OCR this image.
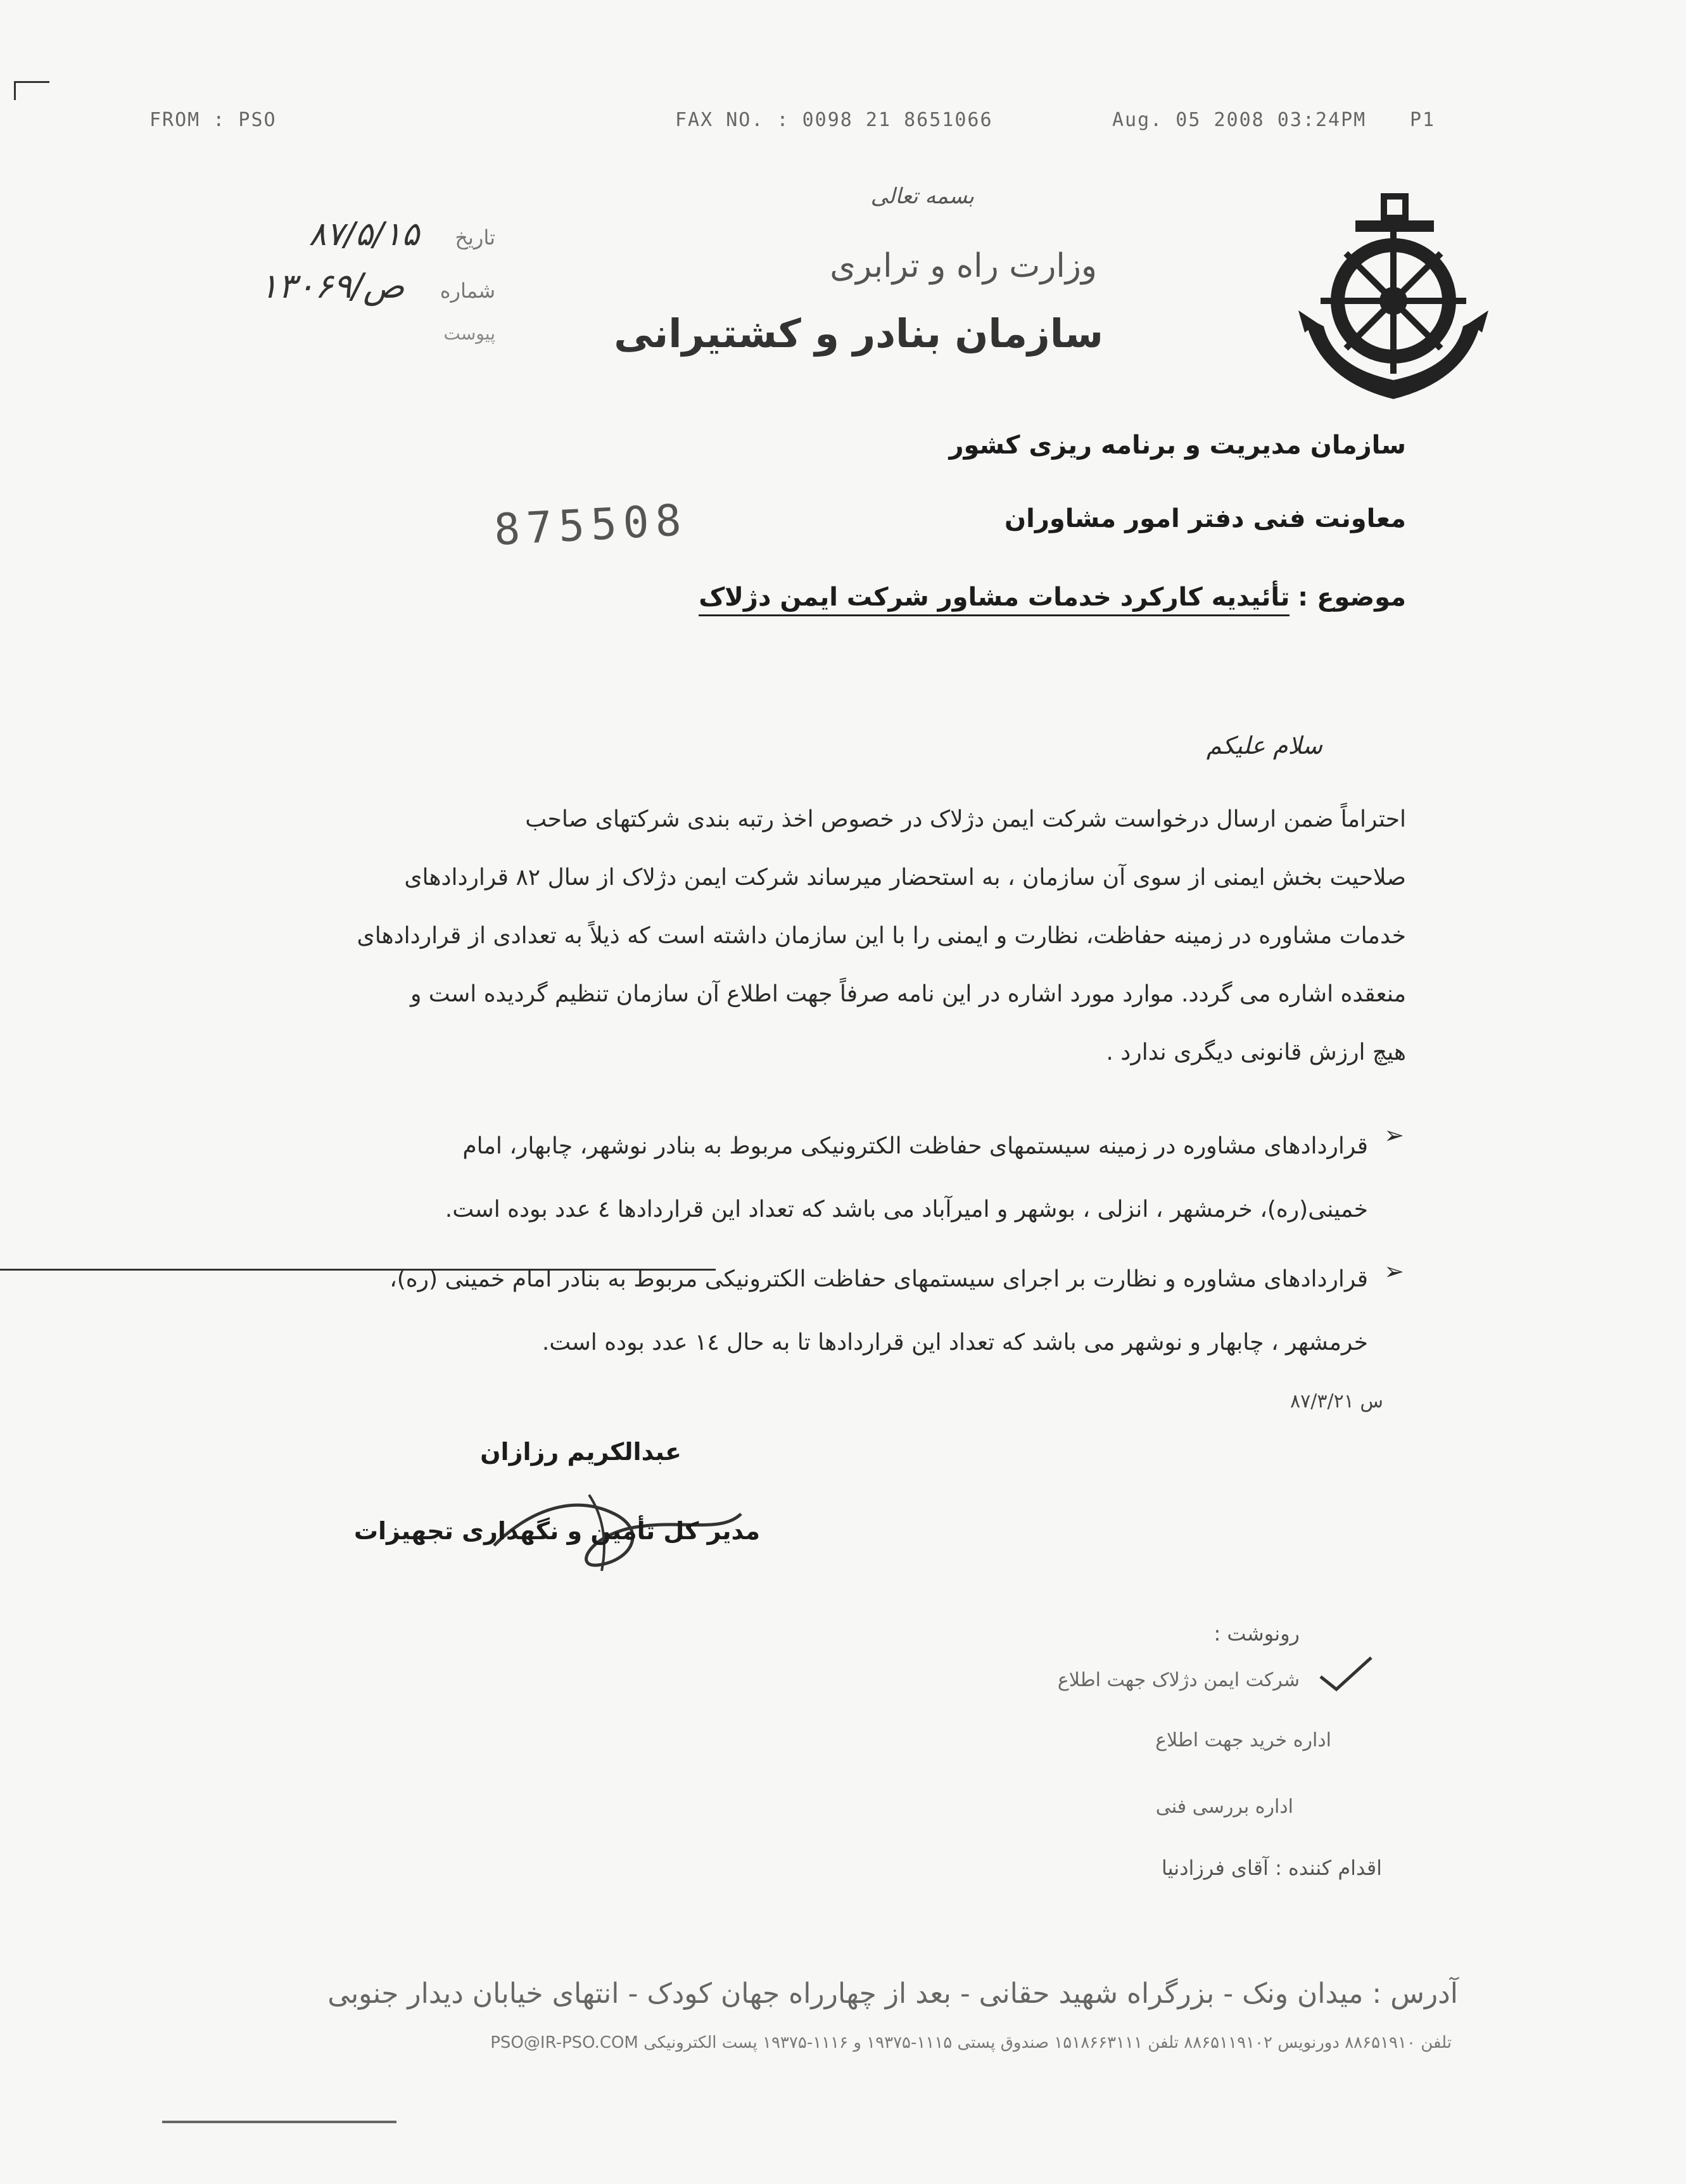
FROM : PSO	FAX NO. : 0098 21 8651066	Aug. 05 2008 03:24PM P1
بسمه تعالی
وزارت راه و ترابری
سازمان بنادر و کشتیرانی
تاریخ
۸۷/۵/۱۵
شماره
ص/۱۳۰۶۹
پیوست
سازمان مدیریت و برنامه ریزی کشور
معاونت فنی دفتر امور مشاوران
875508
موضوع : تأئیدیه کارکرد خدمات مشاور شرکت ایمن دژلاک
سلام علیکم

احتراماً ضمن ارسال درخواست شرکت ایمن دژلاک در خصوص اخذ رتبه بندی شرکتهای صاحب

صلاحیت بخش ایمنی از سوی آن سازمان ، به استحضار میرساند شرکت ایمن دژلاک از سال ۸۲ قراردادهای

خدمات مشاوره در زمینه حفاظت، نظارت و ایمنی را با این سازمان داشته است که ذیلاً به تعدادی از قراردادهای

منعقده اشاره می گردد. موارد مورد اشاره در این نامه صرفاً جهت اطلاع آن سازمان تنظیم گردیده است و

هیچ ارزش قانونی دیگری ندارد .

➢

قراردادهای مشاوره در زمینه سیستمهای حفاظت الکترونیکی مربوط به بنادر نوشهر، چابهار، امام

خمینی(ره)، خرمشهر ، انزلی ، بوشهر و امیرآباد می باشد که تعداد این قراردادها ٤ عدد بوده است.

➢

قراردادهای مشاوره و نظارت بر اجرای سیستمهای حفاظت الکترونیکی مربوط به بنادر امام خمینی (ره)،

خرمشهر ، چابهار و نوشهر می باشد که تعداد این قراردادها تا به حال ١٤ عدد بوده است.

س ۸۷/۳/۲۱
عبدالکریم رزازان
مدیر کل تأمین و نگهداری تجهیزات
رونوشت :
شرکت ایمن دژلاک جهت اطلاع
اداره خرید جهت اطلاع
اداره بررسی فنی
اقدام کننده : آقای فرزادنیا
آدرس : میدان ونک - بزرگراه شهید حقانی - بعد از چهارراه جهان کودک - انتهای خیابان دیدار جنوبی
تلفن ۸۸۶۵۱۹۱۰ دورنویس ۸۸۶۵۱۱۹۱۰۲ تلفن ۱۵۱۸۶۶۳۱۱۱ صندوق پستی ۱۱۱۵-۱۹۳۷۵ و ۱۱۱۶-۱۹۳۷۵ پست الکترونیکی PSO@IR-PSO.COM
